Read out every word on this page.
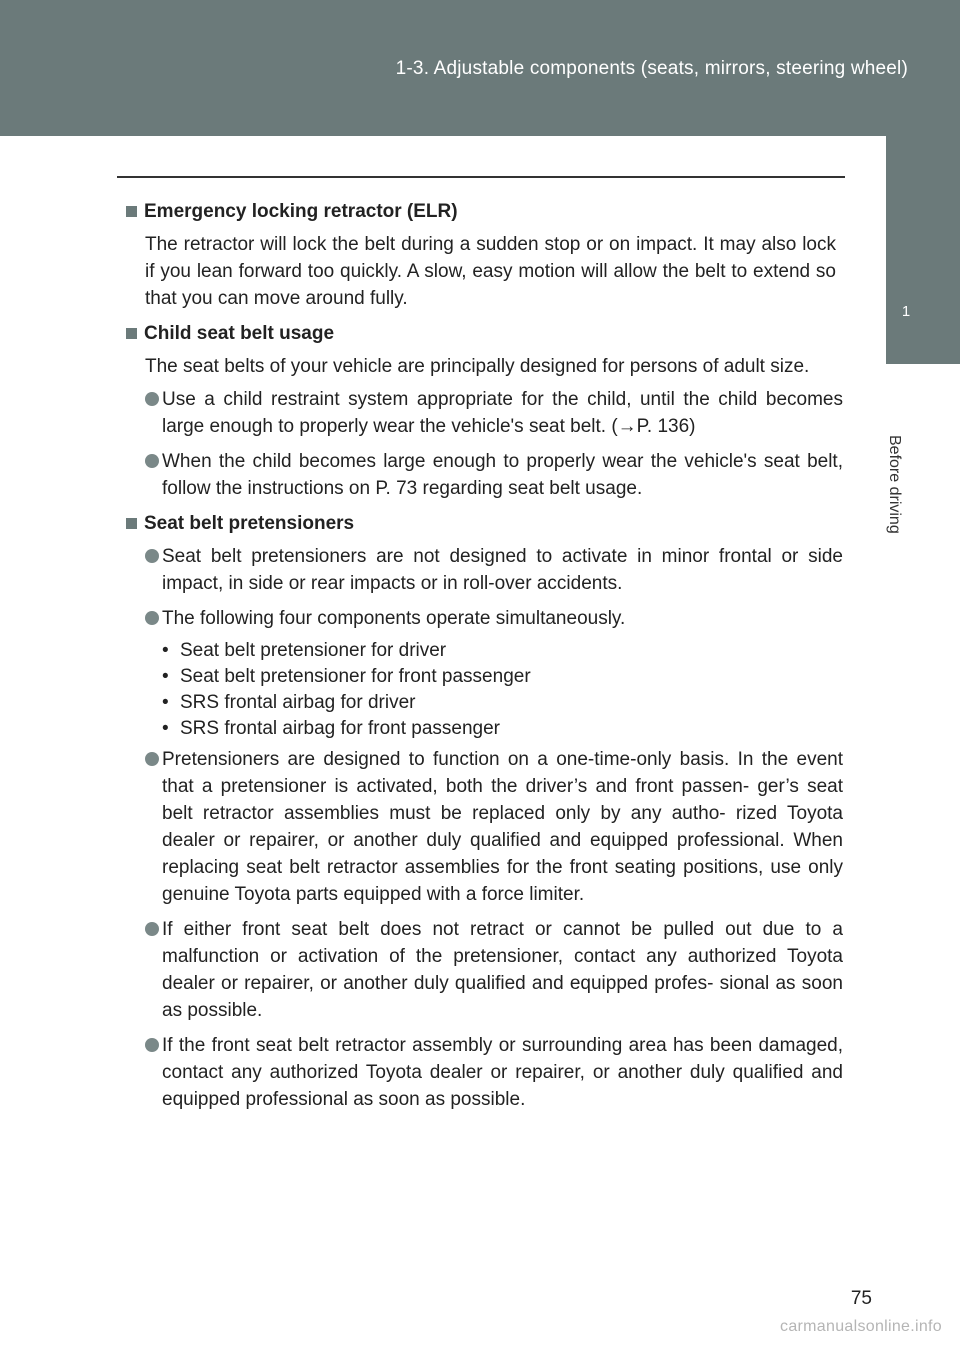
1-3. Adjustable components (seats, mirrors, steering wheel)
1
Before driving
Emergency locking retractor (ELR)
The retractor will lock the belt during a sudden stop or on impact. It may also lock if you lean forward too quickly. A slow, easy motion will allow the belt to extend so that you can move around fully.
Child seat belt usage
The seat belts of your vehicle are principally designed for persons of adult size.
Use a child restraint system appropriate for the child, until the child becomes large enough to properly wear the vehicle's seat belt. (→P. 136)
When the child becomes large enough to properly wear the vehicle's seat belt, follow the instructions on P. 73 regarding seat belt usage.
Seat belt pretensioners
Seat belt pretensioners are not designed to activate in minor frontal or side impact, in side or rear impacts or in roll-over accidents.
The following four components operate simultaneously.
• Seat belt pretensioner for driver
• Seat belt pretensioner for front passenger
• SRS frontal airbag for driver
• SRS frontal airbag for front passenger
Pretensioners are designed to function on a one-time-only basis. In the event that a pretensioner is activated, both the driver’s and front passen- ger’s seat belt retractor assemblies must be replaced only by any autho- rized Toyota dealer or repairer, or another duly qualified and equipped professional. When replacing seat belt retractor assemblies for the front seating positions, use only genuine Toyota parts equipped with a force limiter.
If either front seat belt does not retract or cannot be pulled out due to a malfunction or activation of the pretensioner, contact any authorized Toyota dealer or repairer, or another duly qualified and equipped profes- sional as soon as possible.
If the front seat belt retractor assembly or surrounding area has been damaged, contact any authorized Toyota dealer or repairer, or another duly qualified and equipped professional as soon as possible.
75
carmanualsonline.info
